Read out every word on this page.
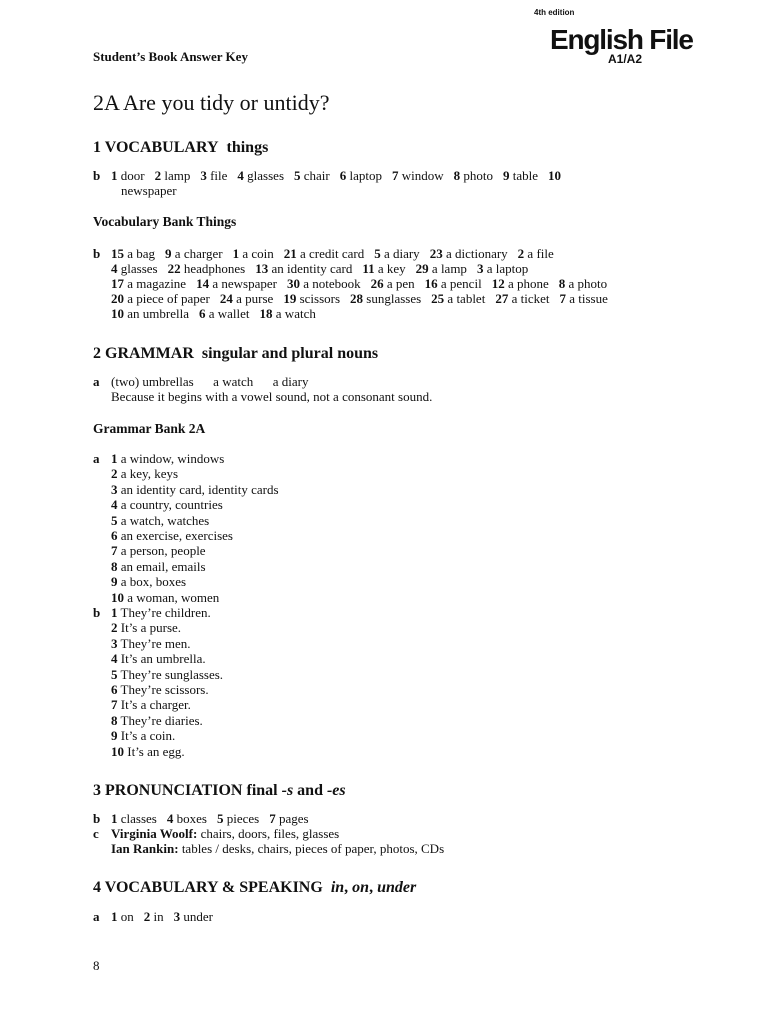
4th edition
English File
A1/A2
Student’s Book Answer Key
2A Are you tidy or untidy?
1 VOCABULARY things
b 1 door 2 lamp 3 file 4 glasses 5 chair 6 laptop 7 window 8 photo 9 table 10
newspaper
Vocabulary Bank Things
b 15 a bag 9 a charger 1 a coin 21 a credit card 5 a diary 23 a dictionary 2 a file
4 glasses 22 headphones 13 an identity card 11 a key 29 a lamp 3 a laptop
17 a magazine 14 a newspaper 30 a notebook 26 a pen 16 a pencil 12 a phone 8 a photo
20 a piece of paper 24 a purse 19 scissors 28 sunglasses 25 a tablet 27 a ticket 7 a tissue
10 an umbrella 6 a wallet 18 a watch
2 GRAMMAR singular and plural nouns
a (two) umbrellas      a watch      a diary
Because it begins with a vowel sound, not a consonant sound.
Grammar Bank 2A
a 1 a window, windows
2 a key, keys
3 an identity card, identity cards
4 a country, countries
5 a watch, watches
6 an exercise, exercises
7 a person, people
8 an email, emails
9 a box, boxes
10 a woman, women
b 1 They’re children.
2 It’s a purse.
3 They’re men.
4 It’s an umbrella.
5 They’re sunglasses.
6 They’re scissors.
7 It’s a charger.
8 They’re diaries.
9 It’s a coin.
10 It’s an egg.
3 PRONUNCIATION final -s and -es
b 1 classes 4 boxes 5 pieces 7 pages
c Virginia Woolf: chairs, doors, files, glasses
Ian Rankin: tables / desks, chairs, pieces of paper, photos, CDs
4 VOCABULARY & SPEAKING in, on, under
a 1 on 2 in 3 under
8
